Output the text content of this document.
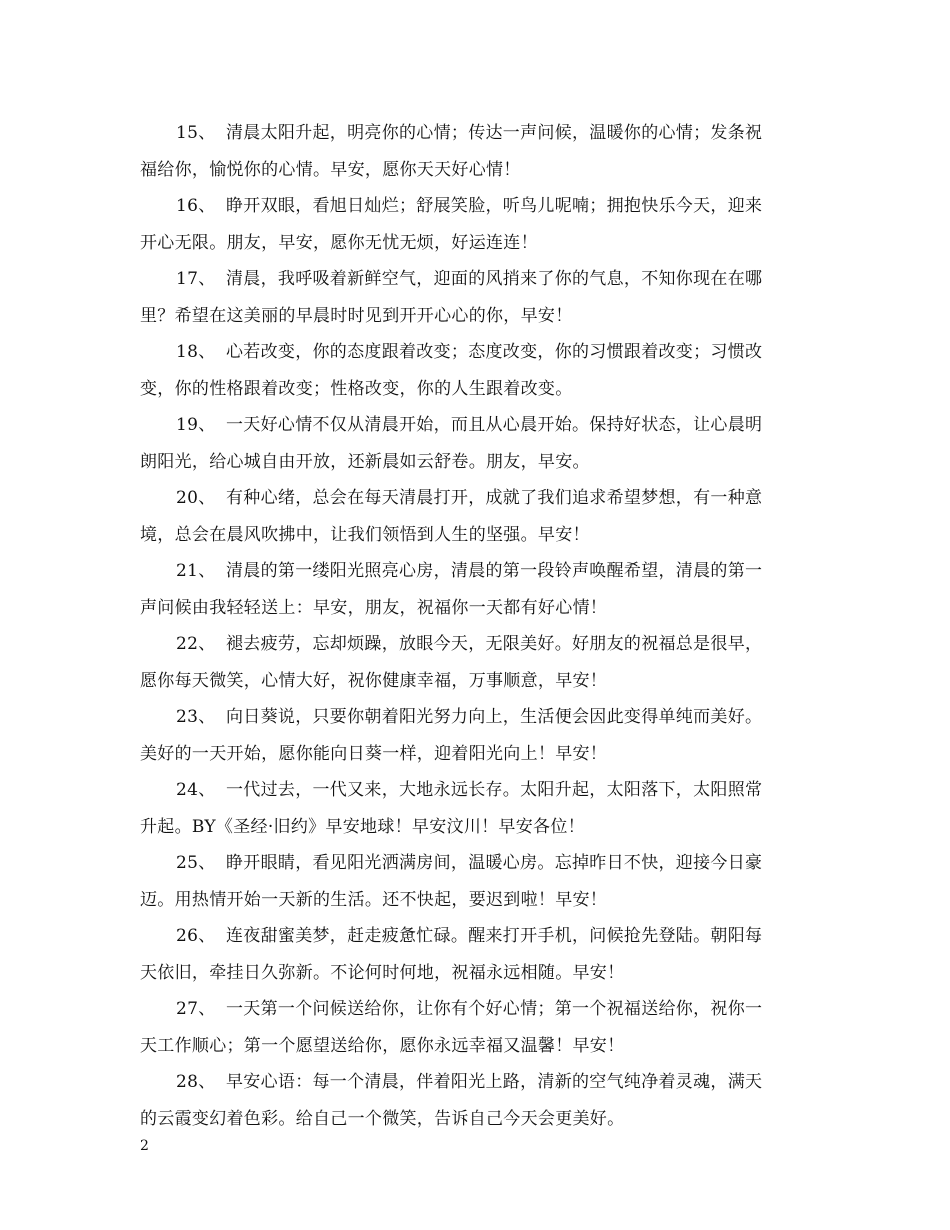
15、 清晨太阳升起，明亮你的心情；传达一声问候，温暖你的心情；发条祝
福给你，愉悦你的心情。早安，愿你天天好心情！
16、 睁开双眼，看旭日灿烂；舒展笑脸，听鸟儿呢喃；拥抱快乐今天，迎来
开心无限。朋友，早安，愿你无忧无烦，好运连连！
17、 清晨，我呼吸着新鲜空气，迎面的风捎来了你的气息，不知你现在在哪
里？希望在这美丽的早晨时时见到开开心心的你，早安！
18、 心若改变，你的态度跟着改变；态度改变，你的习惯跟着改变；习惯改
变，你的性格跟着改变；性格改变，你的人生跟着改变。
19、 一天好心情不仅从清晨开始，而且从心晨开始。保持好状态，让心晨明
朗阳光，给心城自由开放，还新晨如云舒卷。朋友，早安。
20、 有种心绪，总会在每天清晨打开，成就了我们追求希望梦想，有一种意
境，总会在晨风吹拂中，让我们领悟到人生的坚强。早安！
21、 清晨的第一缕阳光照亮心房，清晨的第一段铃声唤醒希望，清晨的第一
声问候由我轻轻送上：早安，朋友，祝福你一天都有好心情！
22、 褪去疲劳，忘却烦躁，放眼今天，无限美好。好朋友的祝福总是很早，
愿你每天微笑，心情大好，祝你健康幸福，万事顺意，早安！
23、 向日葵说，只要你朝着阳光努力向上，生活便会因此变得单纯而美好。
美好的一天开始，愿你能向日葵一样，迎着阳光向上！早安！
24、 一代过去，一代又来，大地永远长存。太阳升起，太阳落下，太阳照常
升起。BY《圣经·旧约》早安地球！早安汶川！早安各位！
25、 睁开眼睛，看见阳光洒满房间，温暖心房。忘掉昨日不快，迎接今日豪
迈。用热情开始一天新的生活。还不快起，要迟到啦！早安！
26、 连夜甜蜜美梦，赶走疲惫忙碌。醒来打开手机，问候抢先登陆。朝阳每
天依旧，牵挂日久弥新。不论何时何地，祝福永远相随。早安！
27、 一天第一个问候送给你，让你有个好心情；第一个祝福送给你，祝你一
天工作顺心；第一个愿望送给你，愿你永远幸福又温馨！早安！
28、 早安心语：每一个清晨，伴着阳光上路，清新的空气纯净着灵魂，满天
的云霞变幻着色彩。给自己一个微笑，告诉自己今天会更美好。
2
